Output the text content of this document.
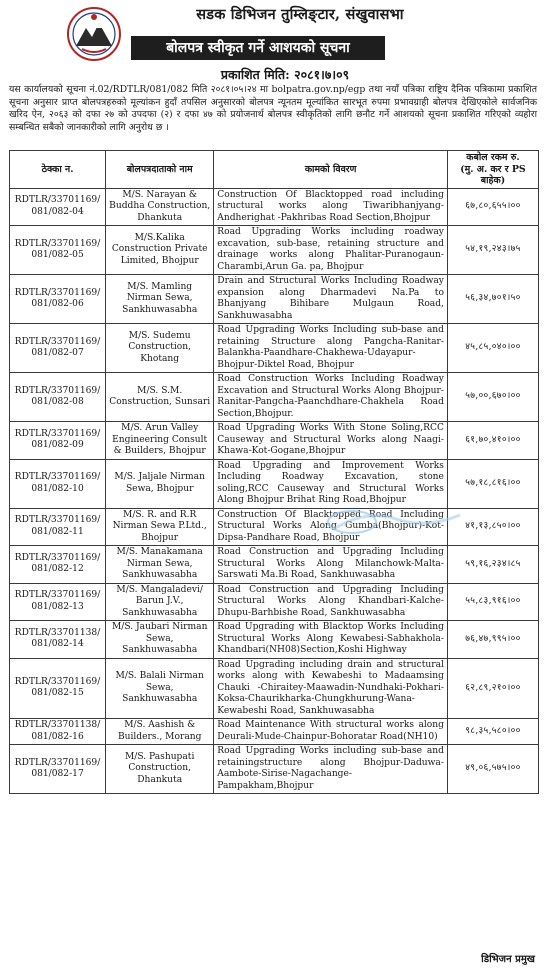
सडक डिभिजन तुम्लिङ्टार, संखुवासभा
बोलपत्र स्वीकृत गर्ने आशयको सूचना
प्रकाशित मिति: २०८१।७।०९
यस कार्यालयको सूचना नं.02/RDTLR/081/082 मिति २०८१।०५।२४ मा bolpatra.gov.np/egp तथा नयाँ पत्रिका राष्ट्रिय दैनिक पत्रिकामा प्रकाशित सूचना अनुसार प्राप्त बोलपत्रहरुको मूल्यांकन हुदाँ तपसिल अनुसारको बोलपत्र न्यूनतम मूल्यांकित सारभूत रुपमा प्रभावग्राही बोलपत्र देखिएकोले सार्वजनिक खरिद ऐन, २०६३ को दफा २७ को उपदफा (२) र दफा ४७ को प्रयोजनार्थ बोलपत्र स्वीकृतिको लागि छनौट गर्ने आशयको सूचना प्रकाशित गरिएको व्यहोरा सम्बन्धित सबैको जानकारीको लागि अनुरोध छ ।
ठेक्का न.	बोलपत्रदाताको नाम	कामको विवरण	कबोल रकम रु.
(मु. अ. कर र PS बाहेक)
RDTLR/33701169/ 081/082-04	M/S. Narayan & Buddha Construction, Dhankuta	Construction Of Blacktopped road including structural works along Tiwaribhanjyang-Andherighat -Pakhribas Road Section,Bhojpur	६७,८०,६५५।००
RDTLR/33701169/ 081/082-05	M/S.Kalika Construction Private Limited, Bhojpur	Road Upgrading Works including roadway excavation, sub-base, retaining structure and drainage works along Phalitar-Puranogaun-Charambi,Arun Ga. pa, Bhojpur	५४,१९,२४३।७५
RDTLR/33701169/ 081/082-06	M/S. Mamling Nirman Sewa, Sankhuwasabha	Drain and Structural Works Including Roadway expansion along Dharmadevi Na.Pa to Bhanjyang Bihibare Mulgaun Road, Sankhuwasabha	५६,३४,७०१।५०
RDTLR/33701169/ 081/082-07	M/S. Sudemu Construction, Khotang	Road Upgrading Works Including sub-base and retaining Structure along Pangcha-Ranitar-Balankha-Paandhare-Chakhewa-Udayapur-Bhojpur-Diktel Road, Bhojpur	४५,८५,०४०।००
RDTLR/33701169/ 081/082-08	M/S. S.M. Construction, Sunsari	Road Construction Works Including Roadway Excavation and Structural Works Along Bhojpur-Ranitar-Pangcha-Paanchdhare-Chakhela Road Section,Bhojpur.	५७,००,६७०।००
RDTLR/33701169/ 081/082-09	M/S. Arun Valley Engineering Consult & Builders, Bhojpur	Road Upgrading Works With Stone Soling,RCC Causeway and Structural Works along Naagi-Khawa-Kot-Gogane,Bhojpur	६१,७०,४१०।००
RDTLR/33701169/ 081/082-10	M/S. Jaljale Nirman Sewa, Bhojpur	Road Upgrading and Improvement Works Including Roadway Excavation, stone soling,RCC Causeway and Structural Works Along Bhojpur Brihat Ring Road,Bhojpur	५७,१८,८१६।००
RDTLR/33701169/ 081/082-11	M/S. R. and R.R Nirman Sewa P.Ltd., Bhojpur	Construction Of Blacktopped Road Including Structural Works Along Gumba(Bhojpur)-Kot-Dipsa-Pandhare Road, Bhojpur	४१,१३,८५०।००
RDTLR/33701169/ 081/082-12	M/S. Manakamana Nirman Sewa, Sankhuwasabha	Road Construction and Upgrading Including Structural Works Along Milanchowk-Malta-Sarswati Ma.Bi Road, Sankhuwasabha	५९,१६,२३४।८५
RDTLR/33701169/ 081/082-13	M/S. Mangaladevi/ Barun J.V., Sankhuwasabha	Road Construction and Upgrading Including Structural Works Along Khandbari-Kalche-Dhupu-Barhbishe Road, Sankhuwasabha	५५,८३,९१६।००
RDTLR/33701138/ 081/082-14	M/S. Jaubari Nirman Sewa, Sankhuwasabha	Road Upgrading with Blacktop Works Including Structural Works Along Kewabesi-Sabhakhola-Khandbari(NH08)Section,Koshi Highway	७६,४७,९९५।००
RDTLR/33701169/ 081/082-15	M/S. Balali Nirman Sewa, Sankhuwasabha	Road Upgrading including drain and structural works along with Kewabeshi to Madaamsing Chauki -Chiraitey-Maawadin-Nundhaki-Pokhari-Koksa-Chaurikharka-Chungkhurung-Wana-Kewabeshi Road, Sankhuwasabha	६२,८९,२१०।००
RDTLR/33701138/ 081/082-16	M/S. Aashish & Builders., Morang	Road Maintenance With structural works along Deurali-Mude-Chainpur-Bohoratar Road(NH10)	९८,३५,५८०।००
RDTLR/33701169/ 081/082-17	M/S. Pashupati Construction, Dhankuta	Road Upgrading Works including sub-base and retainingstructure along Bhojpur-Daduwa-Aambote-Sirise-Nagachange-Pampakham,Bhojpur	४९,०६,५७५।००
डिभिजन प्रमुख
